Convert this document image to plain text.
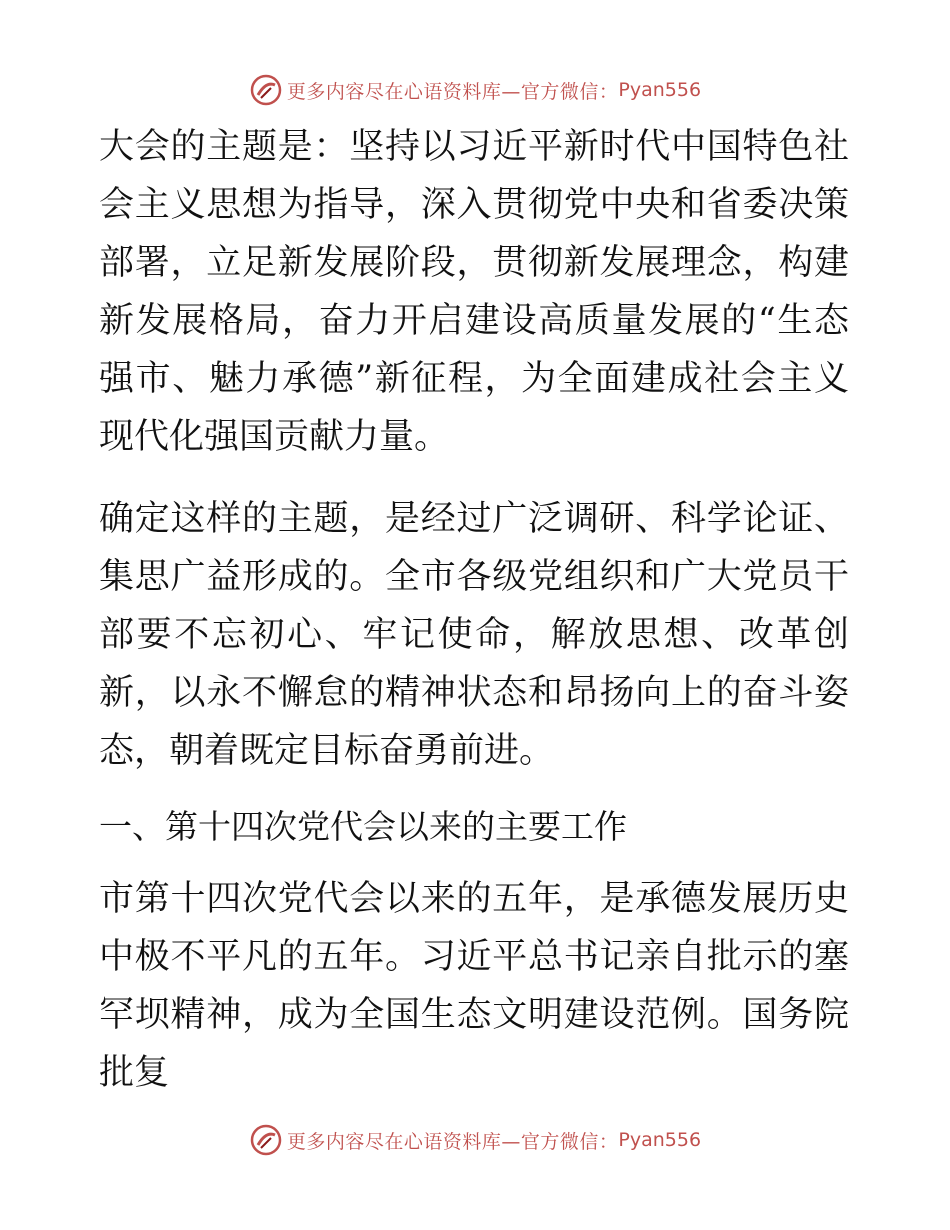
更多内容尽在心语资料库—官方微信： Pyan556

大会的主题是：坚持以习近平新时代中国特色社会主义思想为指导，深入贯彻党中央和省委决策部署，立足新发展阶段，贯彻新发展理念，构建新发展格局，奋力开启建设高质量发展的“生态强市、魅力承德”新征程，为全面建成社会主义现代化强国贡献力量。

确定这样的主题，是经过广泛调研、科学论证、集思广益形成的。全市各级党组织和广大党员干部要不忘初心、牢记使命，解放思想、改革创新，以永不懈怠的精神状态和昂扬向上的奋斗姿态，朝着既定目标奋勇前进。

一、第十四次党代会以来的主要工作

市第十四次党代会以来的五年，是承德发展历史中极不平凡的五年。习近平总书记亲自批示的塞罕坝精神，成为全国生态文明建设范例。国务院批复

更多内容尽在心语资料库—官方微信： Pyan556
